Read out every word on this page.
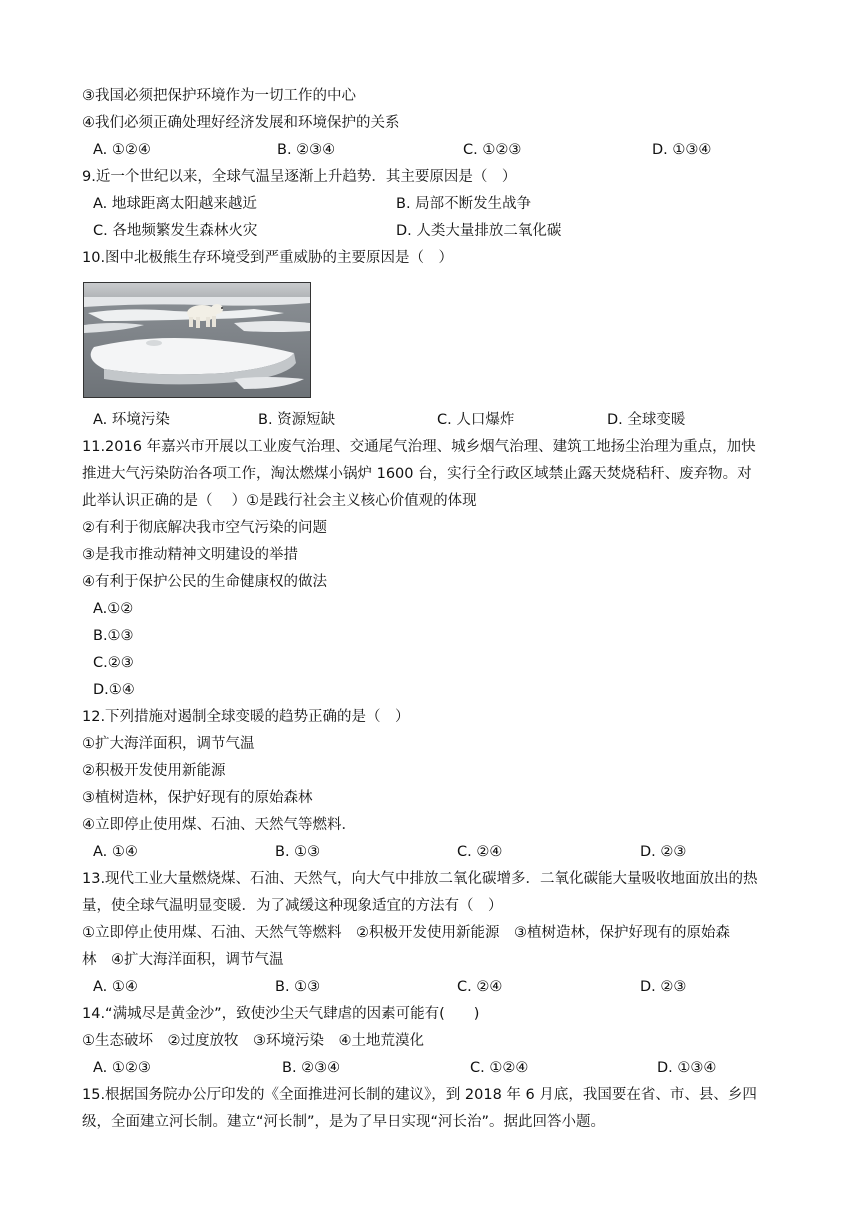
③我国必须把保护环境作为一切工作的中心
④我们必须正确处理好经济发展和环境保护的关系
A. ①②④	B. ②③④	C. ①②③	D. ①③④
9.近一个世纪以来，全球气温呈逐渐上升趋势．其主要原因是（　）
A. 地球距离太阳越来越近	B. 局部不断发生战争
C. 各地频繁发生森林火灾	D. 人类大量排放二氧化碳
10.图中北极熊生存环境受到严重威胁的主要原因是（　）
A. 环境污染	B. 资源短缺	C. 人口爆炸	D. 全球变暖
11.2016 年嘉兴市开展以工业废气治理、交通尾气治理、城乡烟气治理、建筑工地扬尘治理为重点，加快
推进大气污染防治各项工作，淘汰燃煤小锅炉 1600 台，实行全行政区域禁止露天焚烧秸秆、废弃物。对
此举认识正确的是（　 ）①是践行社会主义核心价值观的体现
②有利于彻底解决我市空气污染的问题
③是我市推动精神文明建设的举措
④有利于保护公民的生命健康权的做法
A.①②
B.①③
C.②③
D.①④
12.下列措施对遏制全球变暖的趋势正确的是（　）
①扩大海洋面积，调节气温
②积极开发使用新能源
③植树造林，保护好现有的原始森林
④立即停止使用煤、石油、天然气等燃料．
A. ①④	B. ①③	C. ②④	D. ②③
13.现代工业大量燃烧煤、石油、天然气，向大气中排放二氧化碳增多．二氧化碳能大量吸收地面放出的热
量，使全球气温明显变暖．为了减缓这种现象适宜的方法有（　）
①立即停止使用煤、石油、天然气等燃料　②积极开发使用新能源　③植树造林，保护好现有的原始森
林　④扩大海洋面积，调节气温
A. ①④	B. ①③	C. ②④	D. ②③
14.“满城尽是黄金沙”，致使沙尘天气肆虐的因素可能有(　　)
①生态破坏　②过度放牧　③环境污染　④土地荒漠化
A. ①②③	B. ②③④	C. ①②④	D. ①③④
15.根据国务院办公厅印发的《全面推进河长制的建议》，到 2018 年 6 月底，我国要在省、市、县、乡四
级，全面建立河长制。建立“河长制”，是为了早日实现“河长治”。据此回答小题。
